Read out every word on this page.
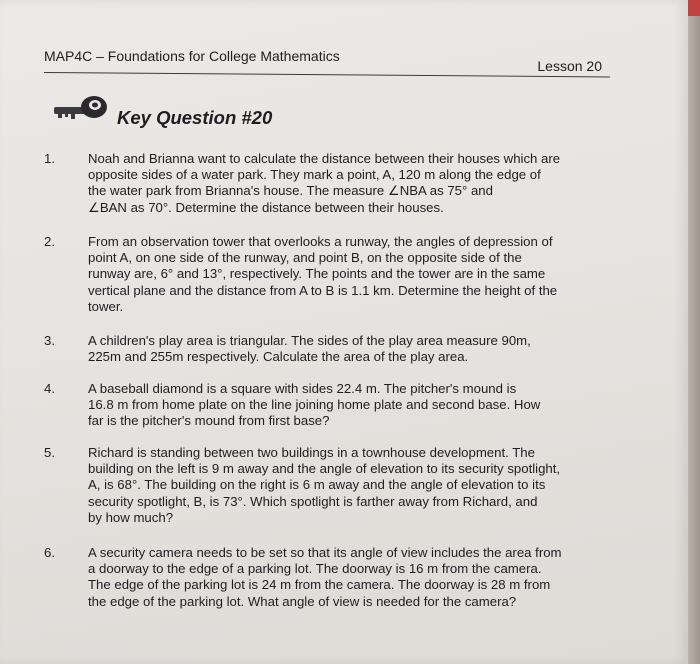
MAP4C – Foundations for College Mathematics
Lesson 20
Key Question #20
1.	Noah and Brianna want to calculate the distance between their houses which are
opposite sides of a water park. They mark a point, A, 120 m along the edge of
the water park from Brianna's house. The measure ∠NBA as 75° and
∠BAN as 70°. Determine the distance between their houses.
2.	From an observation tower that overlooks a runway, the angles of depression of
point A, on one side of the runway, and point B, on the opposite side of the
runway are, 6° and 13°, respectively. The points and the tower are in the same
vertical plane and the distance from A to B is 1.1 km. Determine the height of the
tower.
3.	A children's play area is triangular. The sides of the play area measure 90m,
225m and 255m respectively. Calculate the area of the play area.
4.	A baseball diamond is a square with sides 22.4 m. The pitcher's mound is
16.8 m from home plate on the line joining home plate and second base. How
far is the pitcher's mound from first base?
5.	Richard is standing between two buildings in a townhouse development. The
building on the left is 9 m away and the angle of elevation to its security spotlight,
A, is 68°. The building on the right is 6 m away and the angle of elevation to its
security spotlight, B, is 73°. Which spotlight is farther away from Richard, and
by how much?
6.	A security camera needs to be set so that its angle of view includes the area from
a doorway to the edge of a parking lot. The doorway is 16 m from the camera.
The edge of the parking lot is 24 m from the camera. The doorway is 28 m from
the edge of the parking lot. What angle of view is needed for the camera?
